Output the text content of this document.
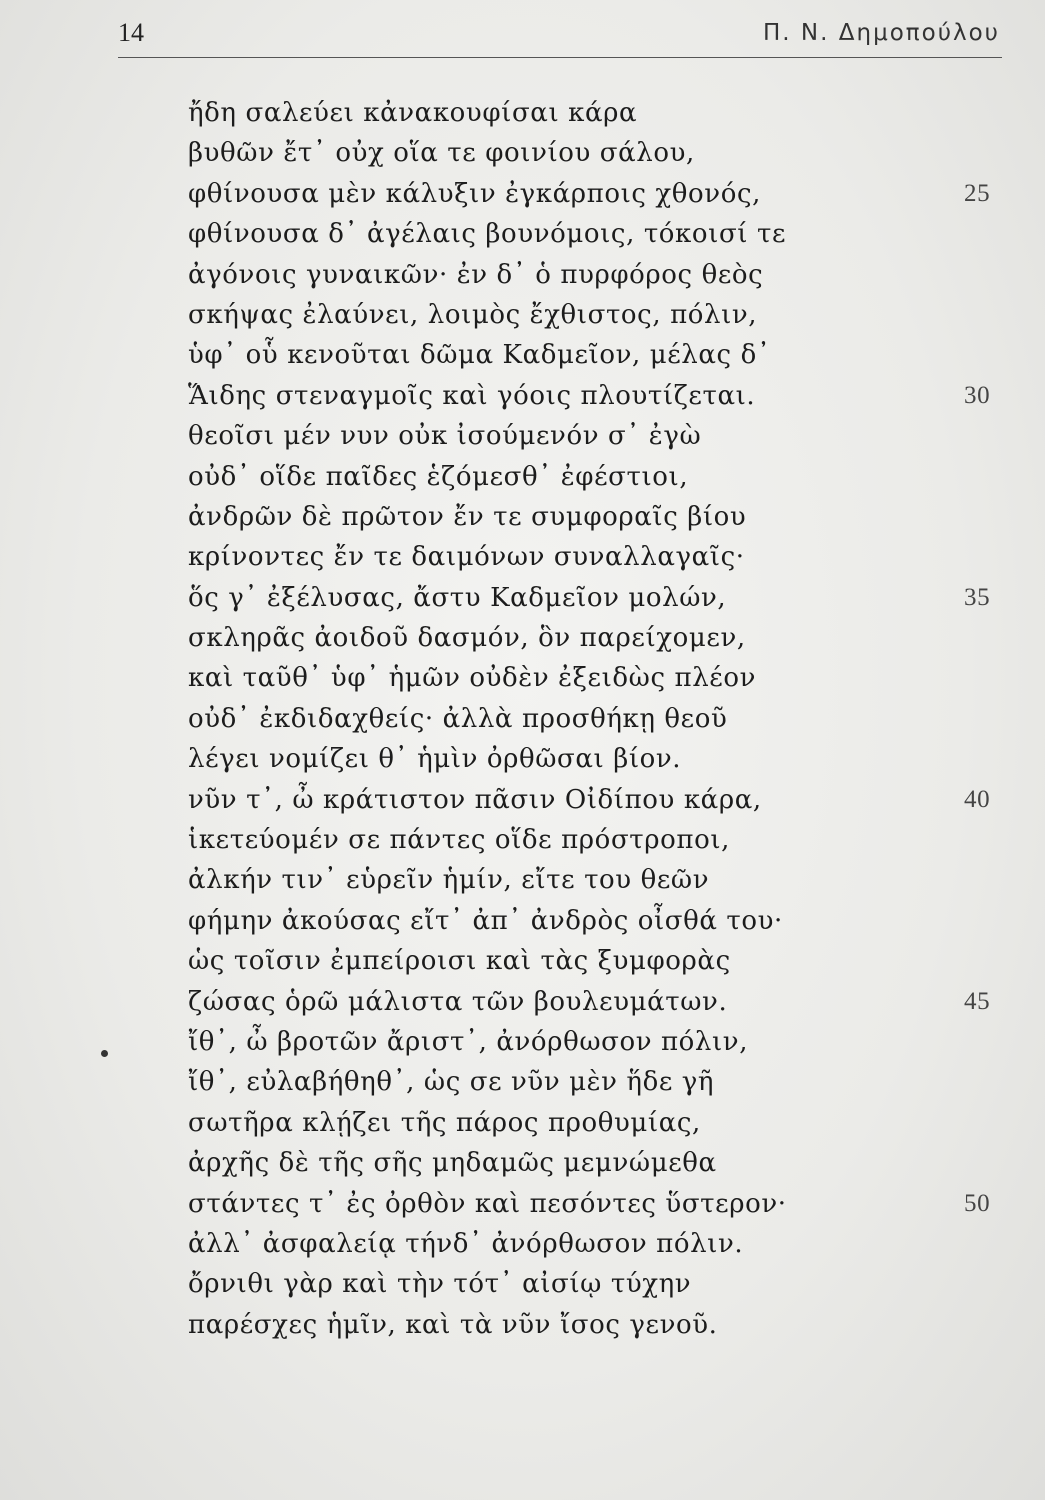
14	Π. Ν. Δημοπούλου
ἤδη σαλεύει κἀνακουφίσαι κάρα
βυθῶν ἔτ᾿ οὐχ οἵα τε φοινίου σάλου,
φθίνουσα μὲν κάλυξιν ἐγκάρποις χθονός,	25
φθίνουσα δ᾿ ἀγέλαις βουνόμοις, τόκοισί τε
ἀγόνοις γυναικῶν· ἐν δ᾿ ὁ πυρφόρος θεὸς
σκήψας ἐλαύνει, λοιμὸς ἔχθιστος, πόλιν,
ὑφ᾿ οὗ κενοῦται δῶμα Καδμεῖον, μέλας δ᾿
Ἅιδης στεναγμοῖς καὶ γόοις πλουτίζεται.	30
θεοῖσι μέν νυν οὐκ ἰσούμενόν σ᾿ ἐγὼ
οὐδ᾿ οἵδε παῖδες ἑζόμεσθ᾿ ἐφέστιοι,
ἀνδρῶν δὲ πρῶτον ἔν τε συμφοραῖς βίου
κρίνοντες ἔν τε δαιμόνων συναλλαγαῖς·
ὅς γ᾿ ἐξέλυσας, ἄστυ Καδμεῖον μολών,	35
σκληρᾶς ἀοιδοῦ δασμόν, ὃν παρείχομεν,
καὶ ταῦθ᾿ ὑφ᾿ ἡμῶν οὐδὲν ἐξειδὼς πλέον
οὐδ᾿ ἐκδιδαχθείς· ἀλλὰ προσθήκῃ θεοῦ
λέγει νομίζει θ᾿ ἡμὶν ὀρθῶσαι βίον.
νῦν τ᾿, ὦ κράτιστον πᾶσιν Οἰδίπου κάρα,	40
ἱκετεύομέν σε πάντες οἵδε πρόστροποι,
ἀλκήν τιν᾿ εὑρεῖν ἡμίν, εἴτε του θεῶν
φήμην ἀκούσας εἴτ᾿ ἀπ᾿ ἀνδρὸς οἶσθά του·
ὡς τοῖσιν ἐμπείροισι καὶ τὰς ξυμφορὰς
ζώσας ὁρῶ μάλιστα τῶν βουλευμάτων.	45
ἴθ᾿, ὦ βροτῶν ἄριστ᾿, ἀνόρθωσον πόλιν,
ἴθ᾿, εὐλαβήθηθ᾿, ὡς σε νῦν μὲν ἥδε γῆ
σωτῆρα κλῄζει τῆς πάρος προθυμίας,
ἀρχῆς δὲ τῆς σῆς μηδαμῶς μεμνώμεθα
στάντες τ᾿ ἐς ὀρθὸν καὶ πεσόντες ὕστερον·	50
ἀλλ᾿ ἀσφαλείᾳ τήνδ᾿ ἀνόρθωσον πόλιν.
ὄρνιθι γὰρ καὶ τὴν τότ᾿ αἰσίῳ τύχην
παρέσχες ἡμῖν, καὶ τὰ νῦν ἴσος γενοῦ.
